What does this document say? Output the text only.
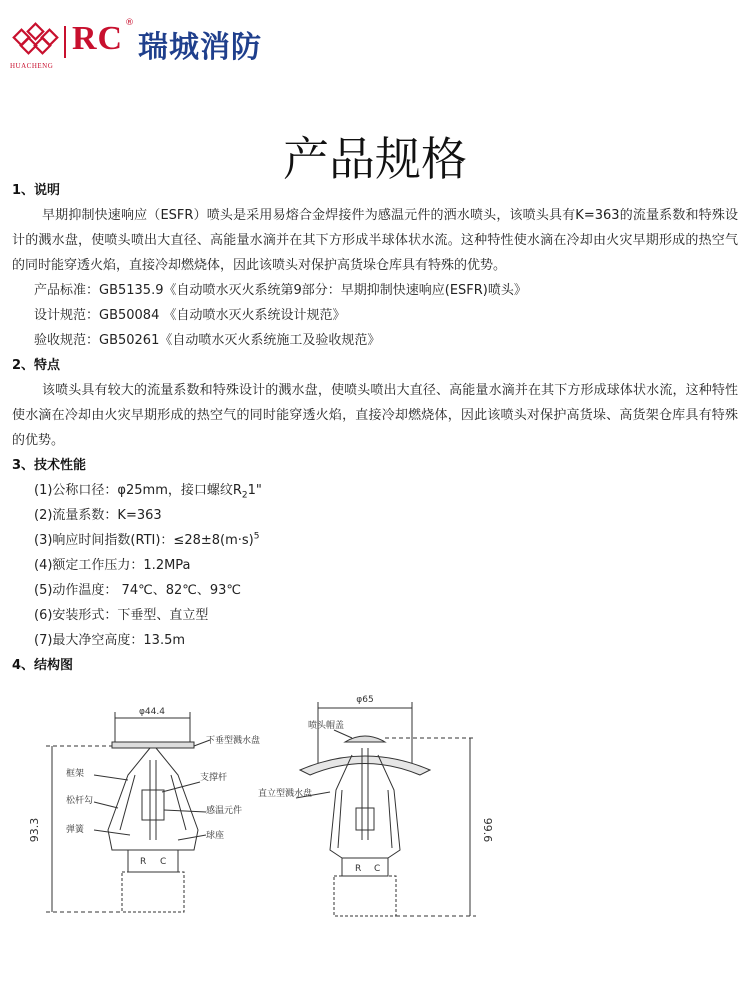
HUACHENG
RC ®
瑞城消防
产品规格

1、说明

早期抑制快速响应（ESFR）喷头是采用易熔合金焊接件为感温元件的洒水喷头，该喷头具有K=363的流量系数和特殊设计的溅水盘，使喷头喷出大直径、高能量水滴并在其下方形成半球体状水流。这种特性使水滴在冷却由火灾早期形成的热空气的同时能穿透火焰，直接冷却燃烧体，因此该喷头对保护高货垛仓库具有特殊的优势。

产品标准：GB5135.9《自动喷水灭火系统第9部分：早期抑制快速响应(ESFR)喷头》

设计规范：GB50084 《自动喷水灭火系统设计规范》

验收规范：GB50261《自动喷水灭火系统施工及验收规范》

2、特点

该喷头具有较大的流量系数和特殊设计的溅水盘，使喷头喷出大直径、高能量水滴并在其下方形成球体状水流，这种特性使水滴在冷却由火灾早期形成的热空气的同时能穿透火焰，直接冷却燃烧体，因此该喷头对保护高货垛、高货架仓库具有特殊的优势。

3、技术性能

(1)公称口径：φ25mm，接口螺纹$R_21$"

(2)流量系数：K=363

(3)响应时间指数(RTI)：$\le 28\pm 8(m\cdot s)^5$

(4)额定工作压力：1.2MPa

(5)动作温度： 74℃、82℃、93℃

(6)安装形式：下垂型、直立型

(7)最大净空高度：13.5m

4、结构图

φ44.4
下垂型溅水盘
框架
松杆勾
支撑杆
感温元件
弹簧
球座
R C
93.3
φ65
喷头帽盖
直立型溅水盘
R C
99.6
